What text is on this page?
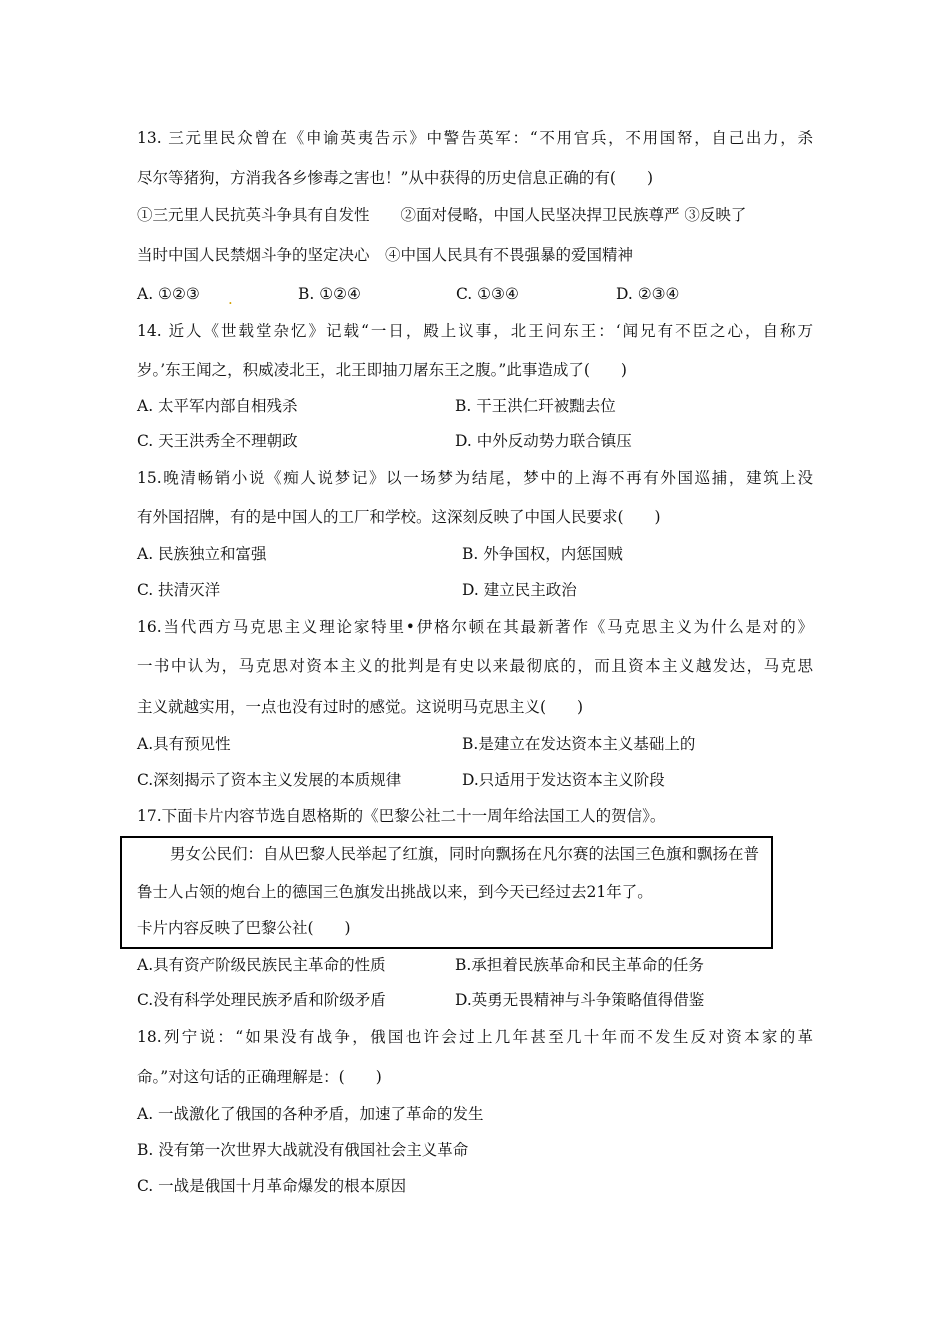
13. 三元里民众曾在《申谕英夷告示》中警告英军：“不用官兵，不用国帑，自己出力，杀
尽尔等猪狗，方消我各乡惨毒之害也！”从中获得的历史信息正确的有(　　)
①三元里人民抗英斗争具有自发性　　②面对侵略，中国人民坚决捍卫民族尊严 ③反映了
当时中国人民禁烟斗争的坚定决心　④中国人民具有不畏强暴的爱国精神
A. ①②③ .	B. ①②④	C. ①③④	D. ②③④
14. 近人《世载堂杂忆》记载“一日，殿上议事，北王问东王：‘闻兄有不臣之心，自称万
岁。’东王闻之，积威凌北王，北王即抽刀屠东王之腹。”此事造成了(　　)
A. 太平军内部自相残杀	B. 干王洪仁玕被黜去位
C. 天王洪秀全不理朝政	D. 中外反动势力联合镇压
15.晚清畅销小说《痴人说梦记》以一场梦为结尾，梦中的上海不再有外国巡捕，建筑上没
有外国招牌，有的是中国人的工厂和学校。这深刻反映了中国人民要求(　　)
A. 民族独立和富强	B. 外争国权，内惩国贼
C. 扶清灭洋	D. 建立民主政治
16.当代西方马克思主义理论家特里•伊格尔顿在其最新著作《马克思主义为什么是对的》
一书中认为，马克思对资本主义的批判是有史以来最彻底的，而且资本主义越发达，马克思
主义就越实用，一点也没有过时的感觉。这说明马克思主义(　　)
A.具有预见性	B.是建立在发达资本主义基础上的
C.深刻揭示了资本主义发展的本质规律	D.只适用于发达资本主义阶段
17.下面卡片内容节选自恩格斯的《巴黎公社二十一周年给法国工人的贺信》。
男女公民们：自从巴黎人民举起了红旗，同时向飘扬在凡尔赛的法国三色旗和飘扬在普
鲁士人占领的炮台上的德国三色旗发出挑战以来，到今天已经过去21年了。
卡片内容反映了巴黎公社(　　)
A.具有资产阶级民族民主革命的性质	B.承担着民族革命和民主革命的任务
C.没有科学处理民族矛盾和阶级矛盾	D.英勇无畏精神与斗争策略值得借鉴
18.列宁说：“如果没有战争，俄国也许会过上几年甚至几十年而不发生反对资本家的革
命。”对这句话的正确理解是：(　　)
A. 一战激化了俄国的各种矛盾，加速了革命的发生
B. 没有第一次世界大战就没有俄国社会主义革命
C. 一战是俄国十月革命爆发的根本原因
